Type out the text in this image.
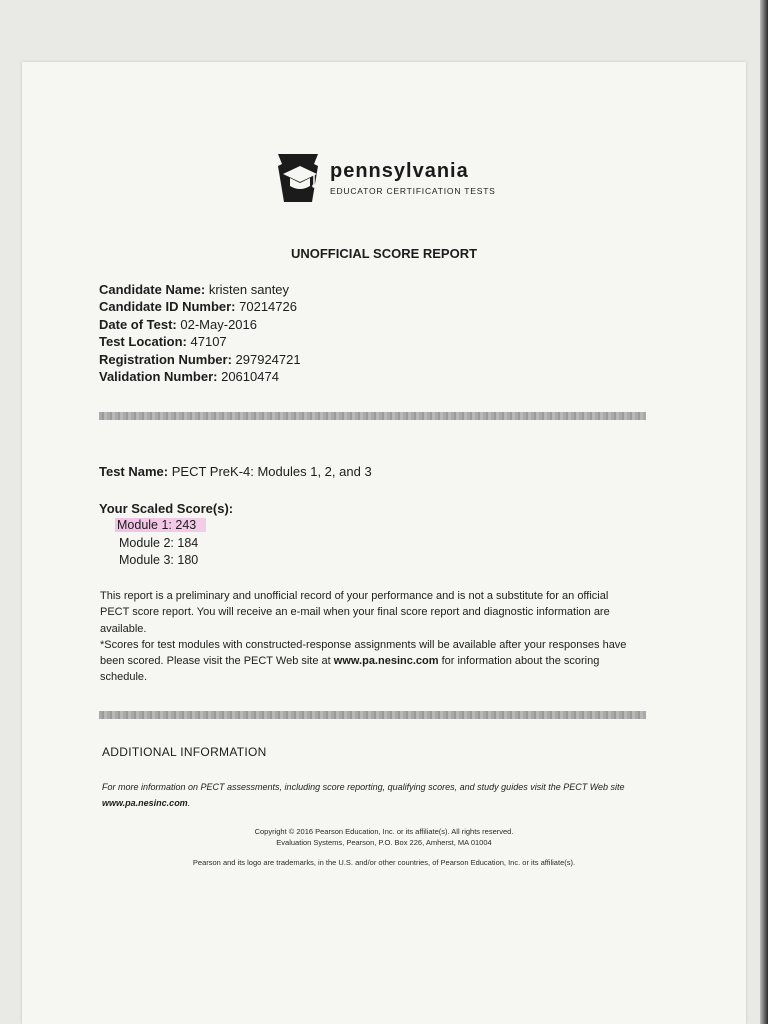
pennsylvania
EDUCATOR CERTIFICATION TESTS
UNOFFICIAL SCORE REPORT
Candidate Name: kristen santey
Candidate ID Number: 70214726
Date of Test: 02-May-2016
Test Location: 47107
Registration Number: 297924721
Validation Number: 20610474
Test Name: PECT PreK-4: Modules 1, 2, and 3
Your Scaled Score(s):
Module 1: 243
Module 2: 184
Module 3: 180
This report is a preliminary and unofficial record of your performance and is not a substitute for an official PECT score report. You will receive an e-mail when your final score report and diagnostic information are available.
*Scores for test modules with constructed-response assignments will be available after your responses have been scored. Please visit the PECT Web site at www.pa.nesinc.com for information about the scoring schedule.
ADDITIONAL INFORMATION
For more information on PECT assessments, including score reporting, qualifying scores, and study guides visit the PECT Web site
www.pa.nesinc.com.
Copyright © 2016 Pearson Education, Inc. or its affiliate(s). All rights reserved.
Evaluation Systems, Pearson, P.O. Box 226, Amherst, MA 01004
Pearson and its logo are trademarks, in the U.S. and/or other countries, of Pearson Education, Inc. or its affiliate(s).
